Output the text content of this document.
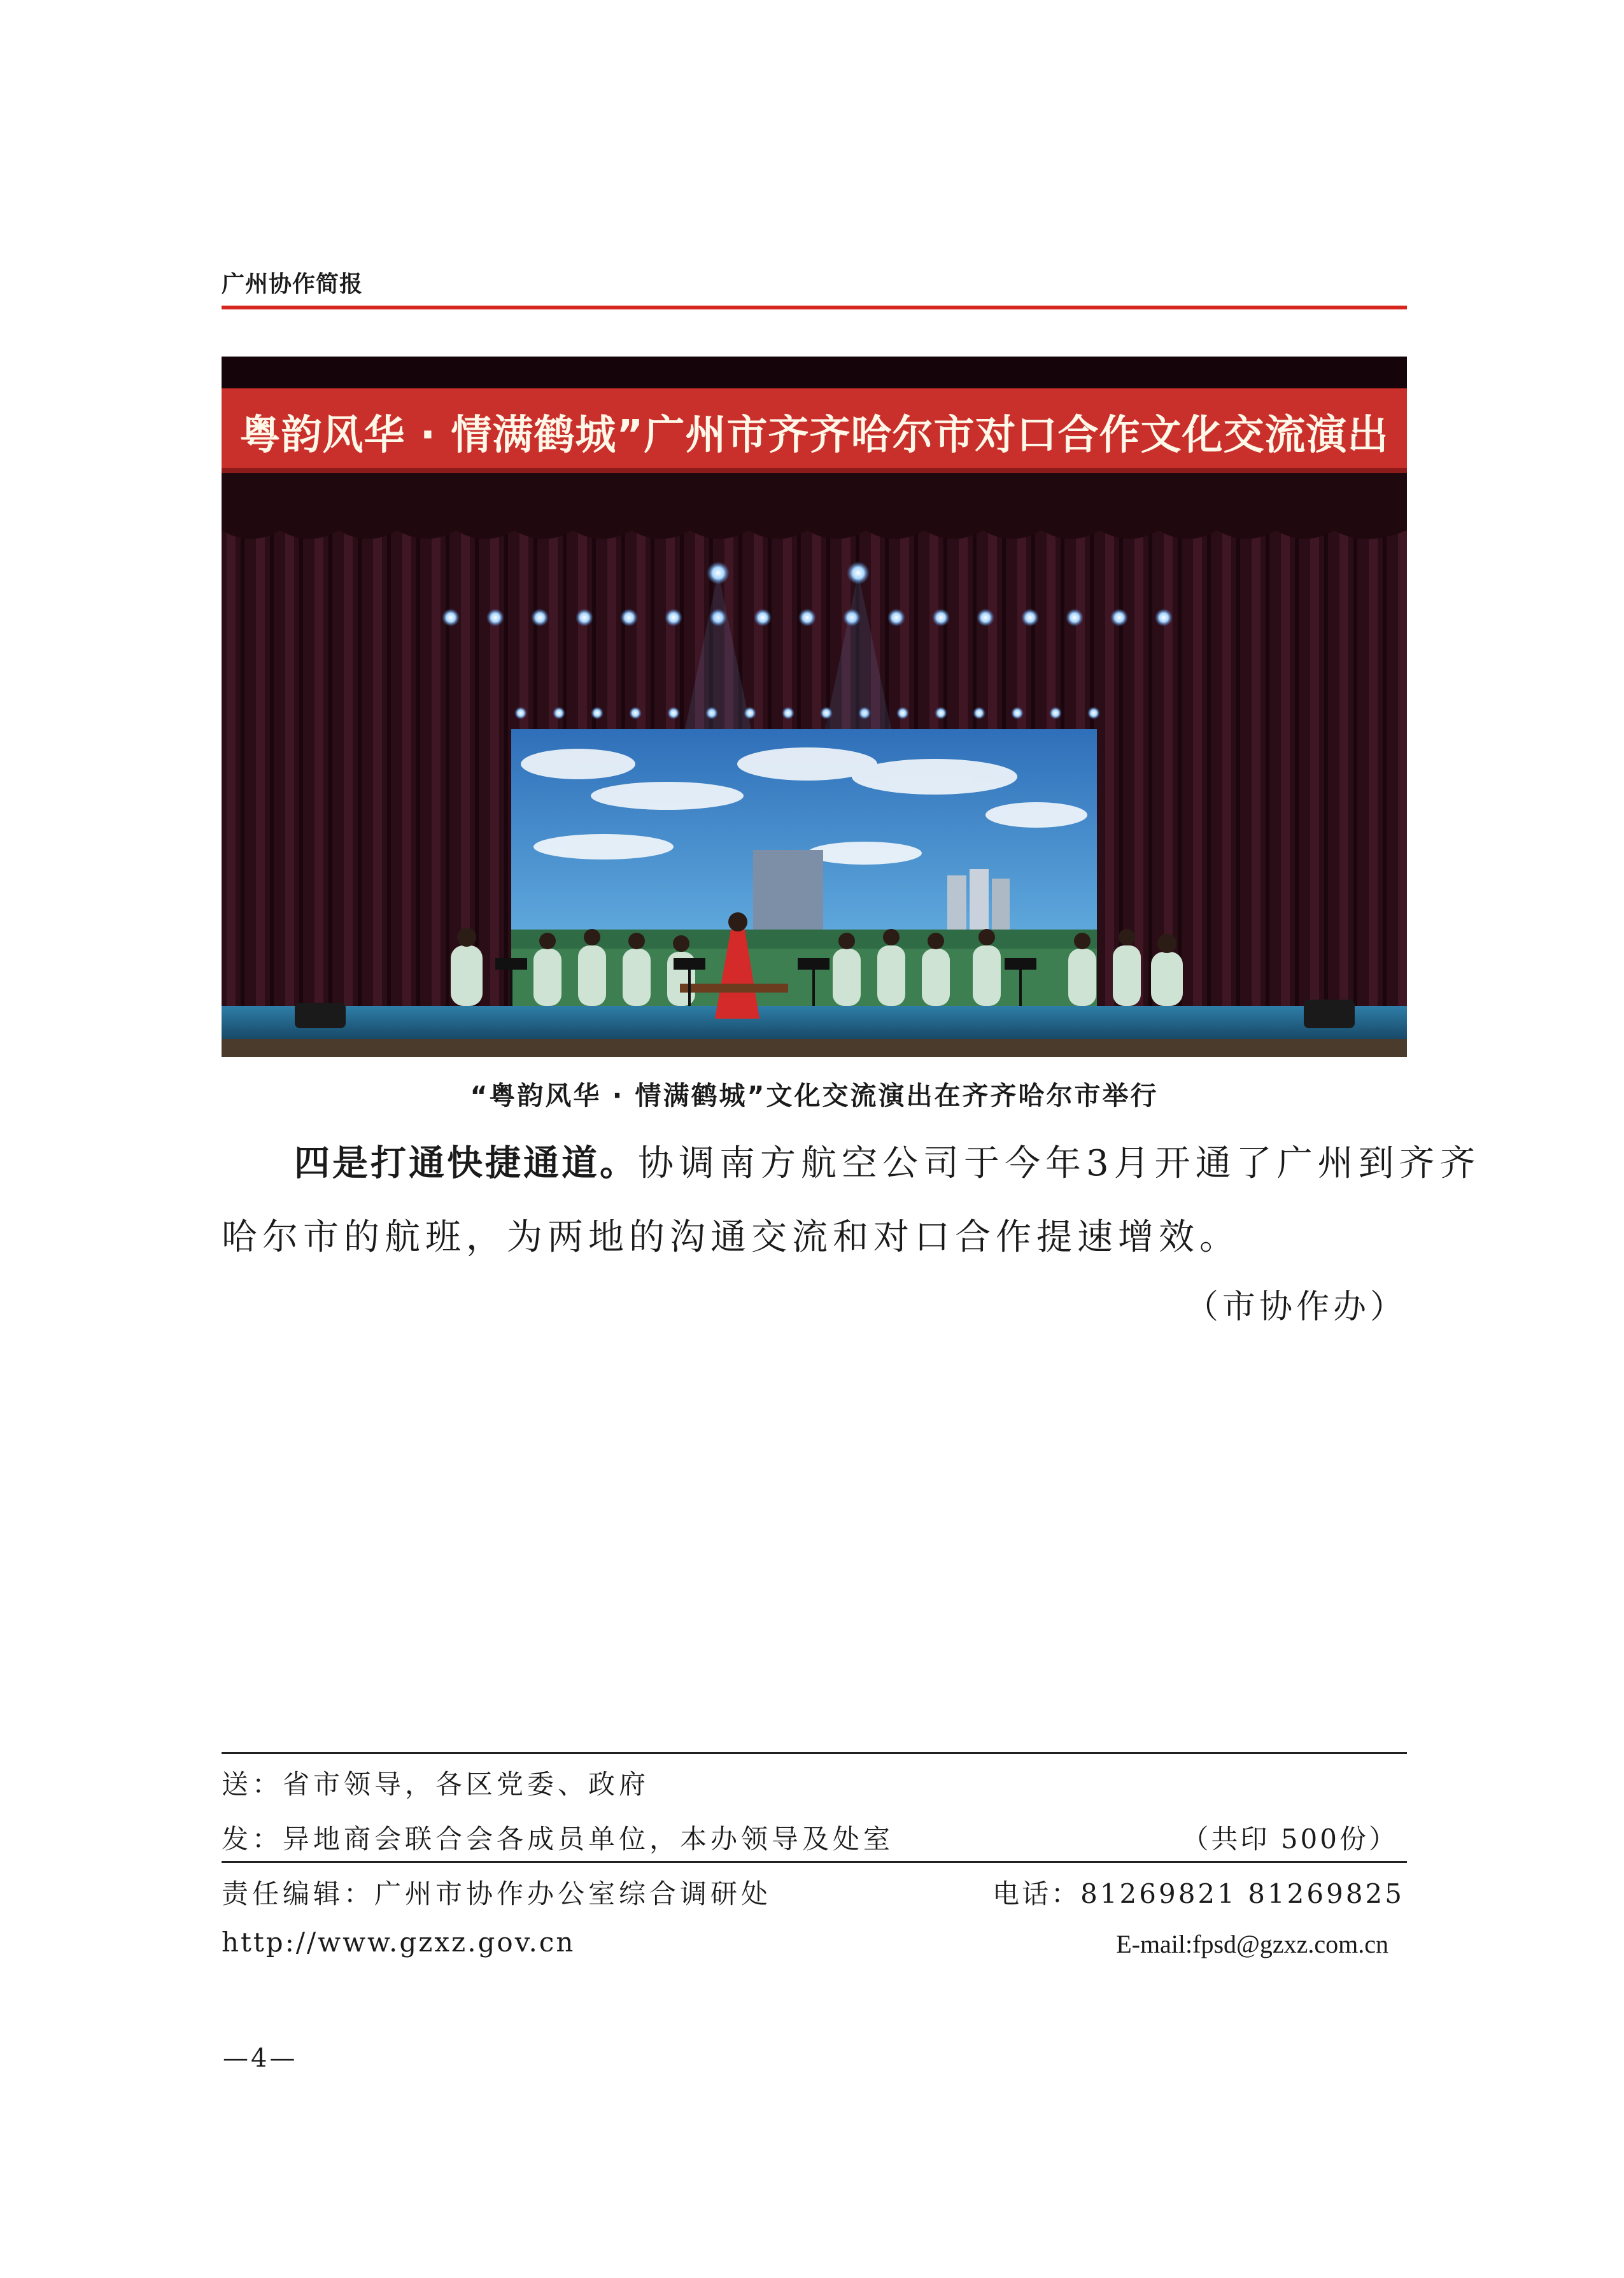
广州协作简报
粤韵风华 · 情满鹤城”广州市齐齐哈尔市对口合作文化交流演出
“粤韵风华 · 情满鹤城”文化交流演出在齐齐哈尔市举行
四是打通快捷通道。协调南方航空公司于今年3月开通了广州到齐齐
哈尔市的航班，为两地的沟通交流和对口合作提速增效。
（市协作办）
送：省市领导，各区党委、政府
发：异地商会联合会各成员单位，本办领导及处室	（共印 500份）
责任编辑：广州市协作办公室综合调研处	电话：81269821 81269825
http://www.gzxz.gov.cn	E-mail:fpsd@gzxz.com.cn
—4—
